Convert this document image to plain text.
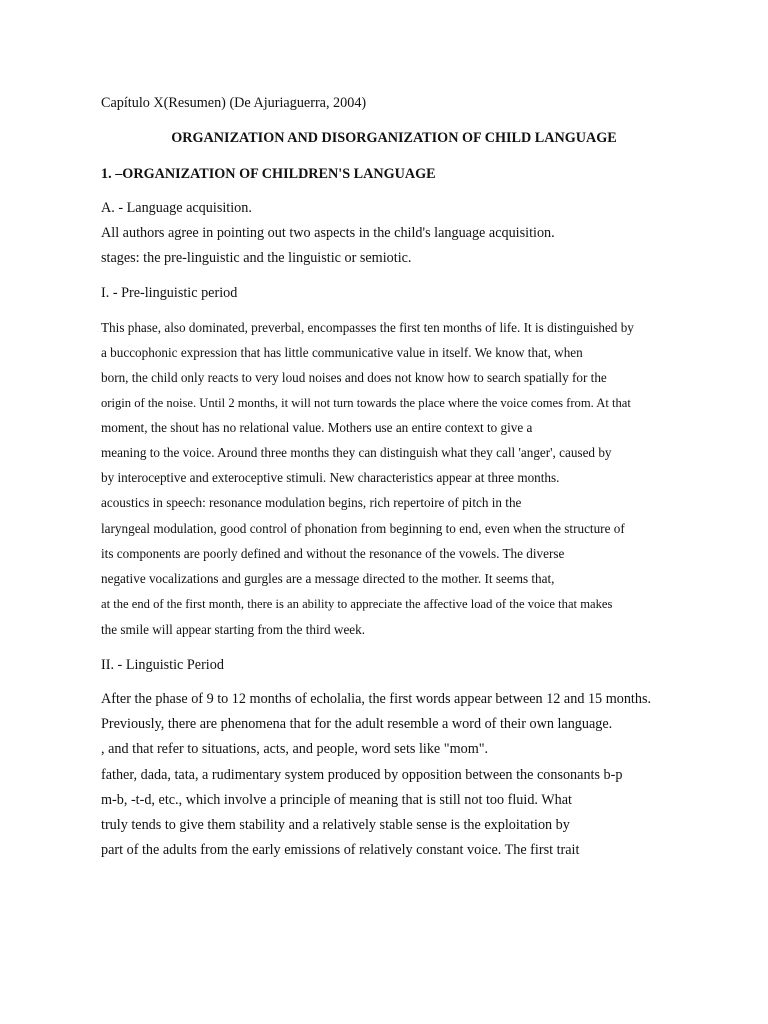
Capítulo X(Resumen) (De Ajuriaguerra, 2004)

ORGANIZATION AND DISORGANIZATION OF CHILD LANGUAGE

1. –ORGANIZATION OF CHILDREN'S LANGUAGE

A. - Language acquisition.

All authors agree in pointing out two aspects in the child's language acquisition.

stages: the pre-linguistic and the linguistic or semiotic.

I. - Pre-linguistic period

This phase, also dominated, preverbal, encompasses the first ten months of life. It is distinguished by

a buccophonic expression that has little communicative value in itself. We know that, when

born, the child only reacts to very loud noises and does not know how to search spatially for the

origin of the noise. Until 2 months, it will not turn towards the place where the voice comes from. At that

moment, the shout has no relational value. Mothers use an entire context to give a

meaning to the voice. Around three months they can distinguish what they call 'anger', caused by

by interoceptive and exteroceptive stimuli. New characteristics appear at three months.

acoustics in speech: resonance modulation begins, rich repertoire of pitch in the

laryngeal modulation, good control of phonation from beginning to end, even when the structure of

its components are poorly defined and without the resonance of the vowels. The diverse

negative vocalizations and gurgles are a message directed to the mother. It seems that,

at the end of the first month, there is an ability to appreciate the affective load of the voice that makes

the smile will appear starting from the third week.

II. - Linguistic Period

After the phase of 9 to 12 months of echolalia, the first words appear between 12 and 15 months.

Previously, there are phenomena that for the adult resemble a word of their own language.

, and that refer to situations, acts, and people, word sets like "mom".

father, dada, tata, a rudimentary system produced by opposition between the consonants b-p

m-b, -t-d, etc., which involve a principle of meaning that is still not too fluid. What

truly tends to give them stability and a relatively stable sense is the exploitation by

part of the adults from the early emissions of relatively constant voice. The first trait
